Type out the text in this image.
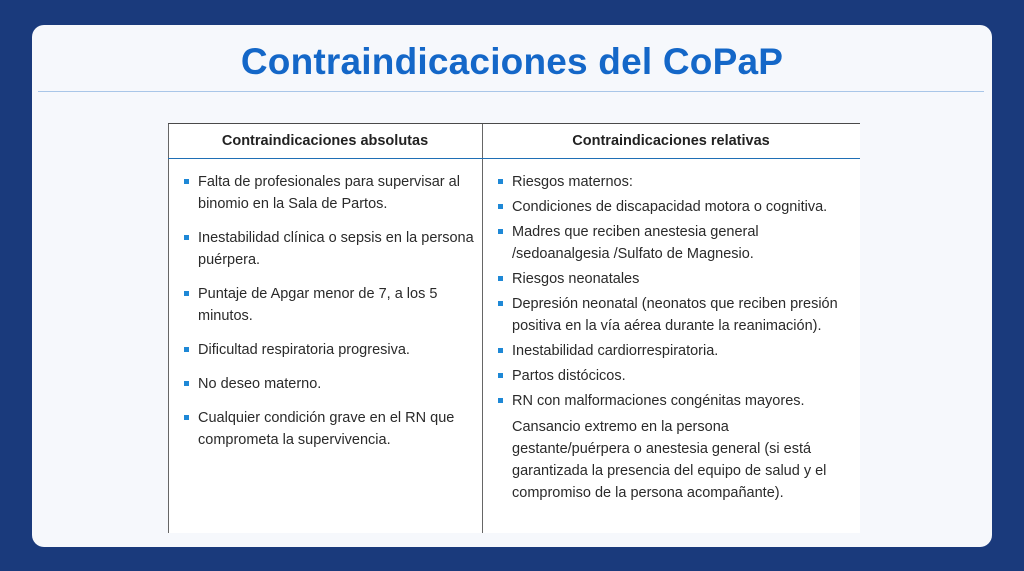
Contraindicaciones del CoPaP
Contraindicaciones absolutas	Contraindicaciones relativas
Falta de profesionales para supervisar al binomio en la Sala de Partos.
Inestabilidad clínica o sepsis en la persona puérpera.
Puntaje de Apgar menor de 7, a los 5 minutos.
Dificultad respiratoria progresiva.
No deseo materno.
Cualquier condición grave en el RN que comprometa la supervivencia.
Riesgos maternos:
Condiciones de discapacidad motora o cognitiva.
Madres que reciben anestesia general /sedoanalgesia /Sulfato de Magnesio.
Riesgos neonatales
Depresión neonatal (neonatos que reciben presión positiva en la vía aérea durante la reanimación).
Inestabilidad cardiorrespiratoria.
Partos distócicos.
RN con malformaciones congénitas mayores.
Cansancio extremo en la persona gestante/puérpera o anestesia general (si está garantizada la presencia del equipo de salud y el compromiso de la persona acompañante).
